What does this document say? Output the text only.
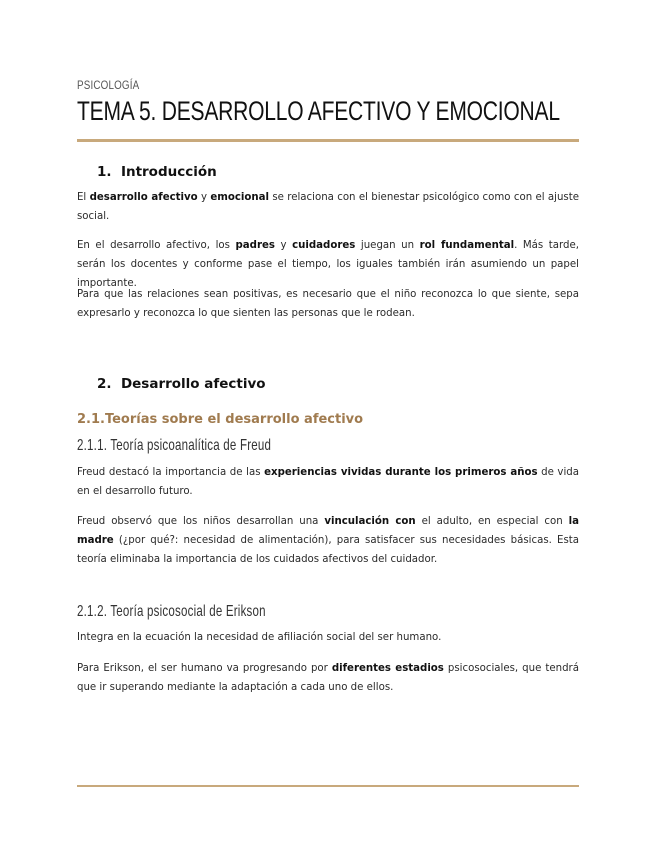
PSICOLOGÍA
TEMA 5. DESARROLLO AFECTIVO Y EMOCIONAL
1. Introducción

El desarrollo afectivo y emocional se relaciona con el bienestar psicológico como con el ajuste social.

En el desarrollo afectivo, los padres y cuidadores juegan un rol fundamental. Más tarde, serán los docentes y conforme pase el tiempo, los iguales también irán asumiendo un papel importante.

Para que las relaciones sean positivas, es necesario que el niño reconozca lo que siente, sepa expresarlo y reconozca lo que sienten las personas que le rodean.

2. Desarrollo afectivo
2.1.Teorías sobre el desarrollo afectivo
2.1.1. Teoría psicoanalítica de Freud

Freud destacó la importancia de las experiencias vividas durante los primeros años de vida en el desarrollo futuro.

Freud observó que los niños desarrollan una vinculación con el adulto, en especial con la madre (¿por qué?: necesidad de alimentación), para satisfacer sus necesidades básicas. Esta teoría eliminaba la importancia de los cuidados afectivos del cuidador.

2.1.2. Teoría psicosocial de Erikson

Integra en la ecuación la necesidad de afiliación social del ser humano.

Para Erikson, el ser humano va progresando por diferentes estadios psicosociales, que tendrá que ir superando mediante la adaptación a cada uno de ellos.
